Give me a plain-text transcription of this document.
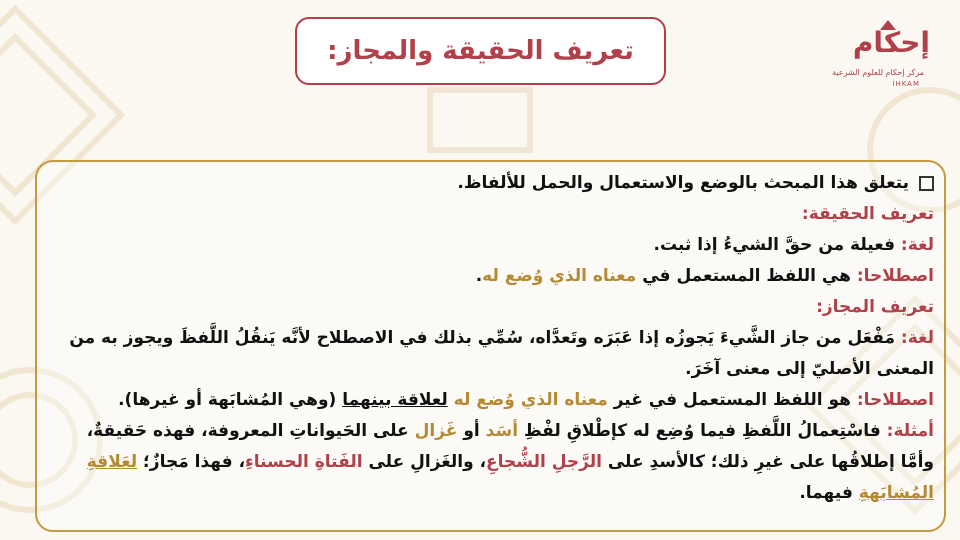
إحكام
مركز إحكام للعلوم الشرعية
IHKAM
تعريف الحقيقة والمجاز:
يتعلق هذا المبحث بالوضع والاستعمال والحمل للألفاظ.
تعريف الحقيقة:
لغة: فعيلة من حقَّ الشيءُ إذا ثبت.
اصطلاحا: هي اللفظ المستعمل في معناه الذي وُضع له.
تعريف المجاز:
لغة: مَفْعَل من جاز الشَّيءَ يَجوزُه إذا عَبَرَه وتَعدَّاه، سُمِّي بذلك في الاصطلاح لأنَّه يَنقُلُ اللَّفظَ ويجوز به من المعنى الأصليّ إلى معنى آخَرَ.
اصطلاحا: هو اللفظ المستعمل في غير معناه الذي وُضع له لعلاقة بينهما (وهي المُشابَهة أو غيرها).
أمثلة: فاسْتِعمالُ اللَّفظِ فيما وُضِع له كإطْلاقِ لفْظِ أسَد أو غَزال على الحَيواناتِ المعروفة، فهذه حَقيقةٌ، وأمَّا إطلاقُها على غيرِ ذلك؛ كالأسدِ على الرَّجلِ الشُّجاعِ، والغَزالِ على الفَتاةِ الحسناءِ، فهذا مَجازٌ؛ لعَلاقةِ المُشابَهةِ فيهما.
